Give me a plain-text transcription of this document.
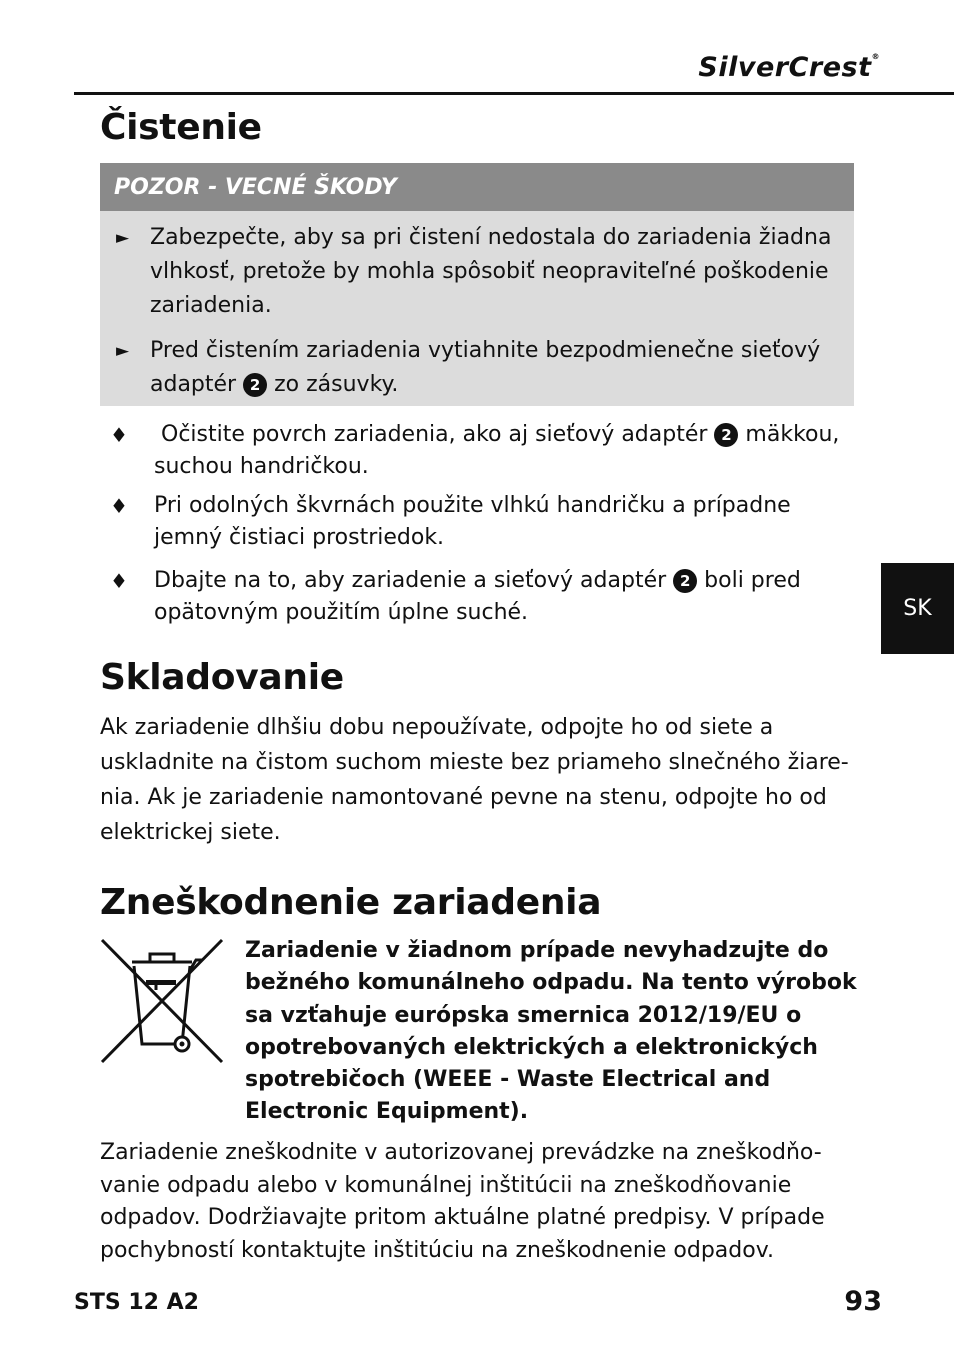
SilverCrest®
Čistenie
POZOR - VECNÉ ŠKODY
► Zabezpečte, aby sa pri čistení nedostala do zariadenia žiadna vlhkosť, pretože by mohla spôsobiť neopraviteľné poškodenie zariadenia.
► Pred čistením zariadenia vytiahnite bezpodmienečne sieťový adaptér 2 zo zásuvky.
♦	Očistite povrch zariadenia, ako aj sieťový adaptér 2 mäkkou, suchou handričkou.
♦ Pri odolných škvrnách použite vlhkú handričku a prípadne jemný čistiaci prostriedok.
♦ Dbajte na to, aby zariadenie a sieťový adaptér 2 boli pred opätovným použitím úplne suché.
Skladovanie
Ak zariadenie dlhšiu dobu nepoužívate, odpojte ho od siete a uskladnite na čistom suchom mieste bez priameho slnečného žiare-nia. Ak je zariadenie namontované pevne na stenu, odpojte ho od elektrickej siete.
Zneškodnenie zariadenia
Zariadenie v žiadnom prípade nevyhadzujte do bežného komunálneho odpadu. Na tento výrobok sa vzťahuje európska smernica 2012/19/EU o opotrebovaných elektrických a elektronických spotrebičoch (WEEE - Waste Electrical and Electronic Equipment).
Zariadenie zneškodnite v autorizovanej prevádzke na zneškodňo-vanie odpadu alebo v komunálnej inštitúcii na zneškodňovanie odpadov. Dodržiavajte pritom aktuálne platné predpisy. V prípade pochybností kontaktujte inštitúciu na zneškodnenie odpadov.
SK
STS 12 A2	93
